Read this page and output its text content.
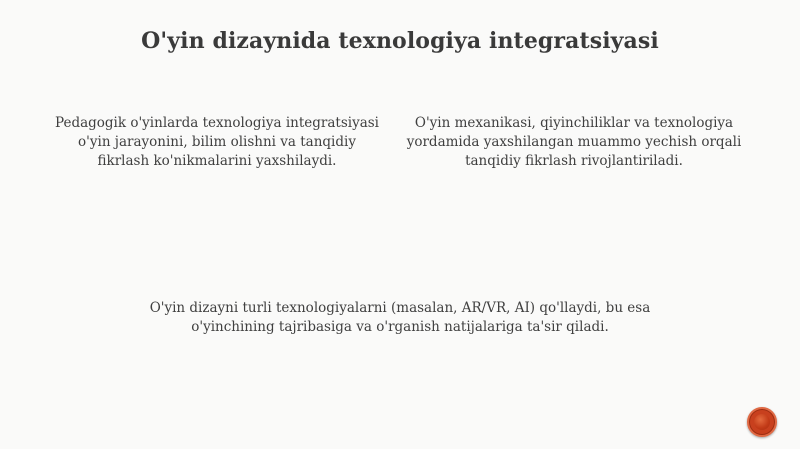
O'yin dizaynida texnologiya integratsiyasi
Pedagogik o'yinlarda texnologiya integratsiyasi o'yin jarayonini, bilim olishni va tanqidiy fikrlash ko'nikmalarini yaxshilaydi.
O'yin mexanikasi, qiyinchiliklar va texnologiya yordamida yaxshilangan muammo yechish orqali tanqidiy fikrlash rivojlantiriladi.
O'yin dizayni turli texnologiyalarni (masalan, AR/VR, AI) qo'llaydi, bu esa o'yinchining tajribasiga va o'rganish natijalariga ta'sir qiladi.
